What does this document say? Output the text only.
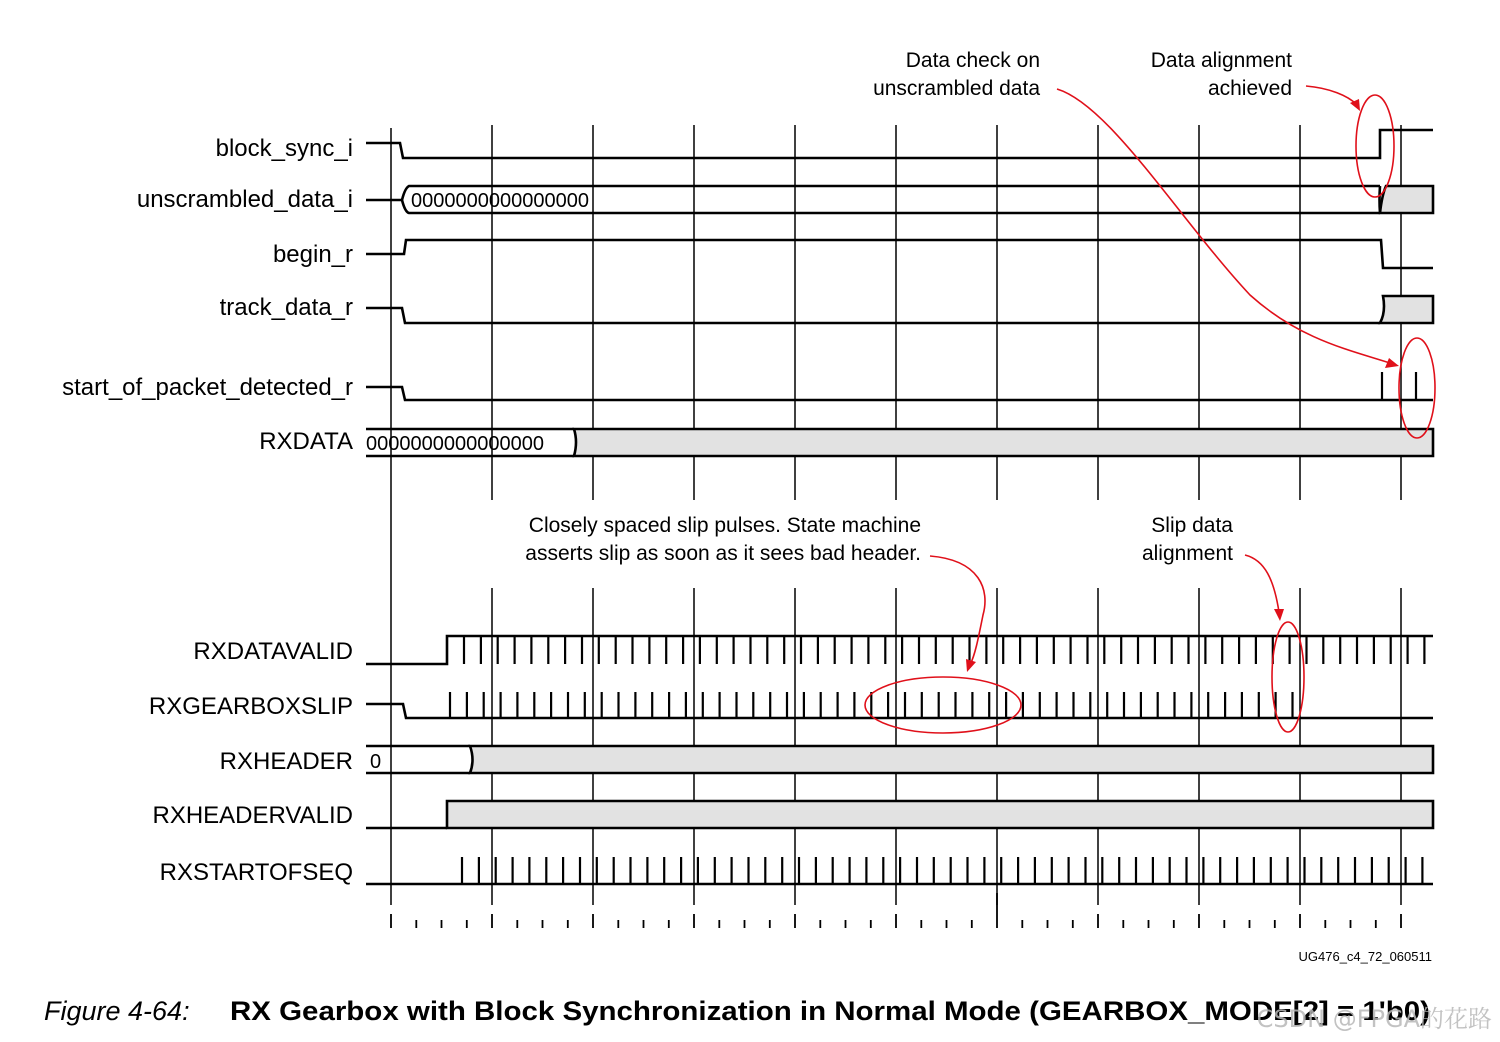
block_sync_i
unscrambled_data_i
begin_r
track_data_r
start_of_packet_detected_r
RXDATA
RXDATAVALID
RXGEARBOXSLIP
RXHEADER
RXHEADERVALID
RXSTARTOFSEQ
0000000000000000
0000000000000000
0
Data check on
unscrambled data
Data alignment
achieved
Closely spaced slip pulses. State machine
asserts slip as soon as it sees bad header.
Slip data
alignment
UG476_c4_72_060511
Figure 4-64: RX Gearbox with Block Synchronization in Normal Mode (GEARBOX_MODE[2] = 1'b0)
CSDN @FPGA的花路
